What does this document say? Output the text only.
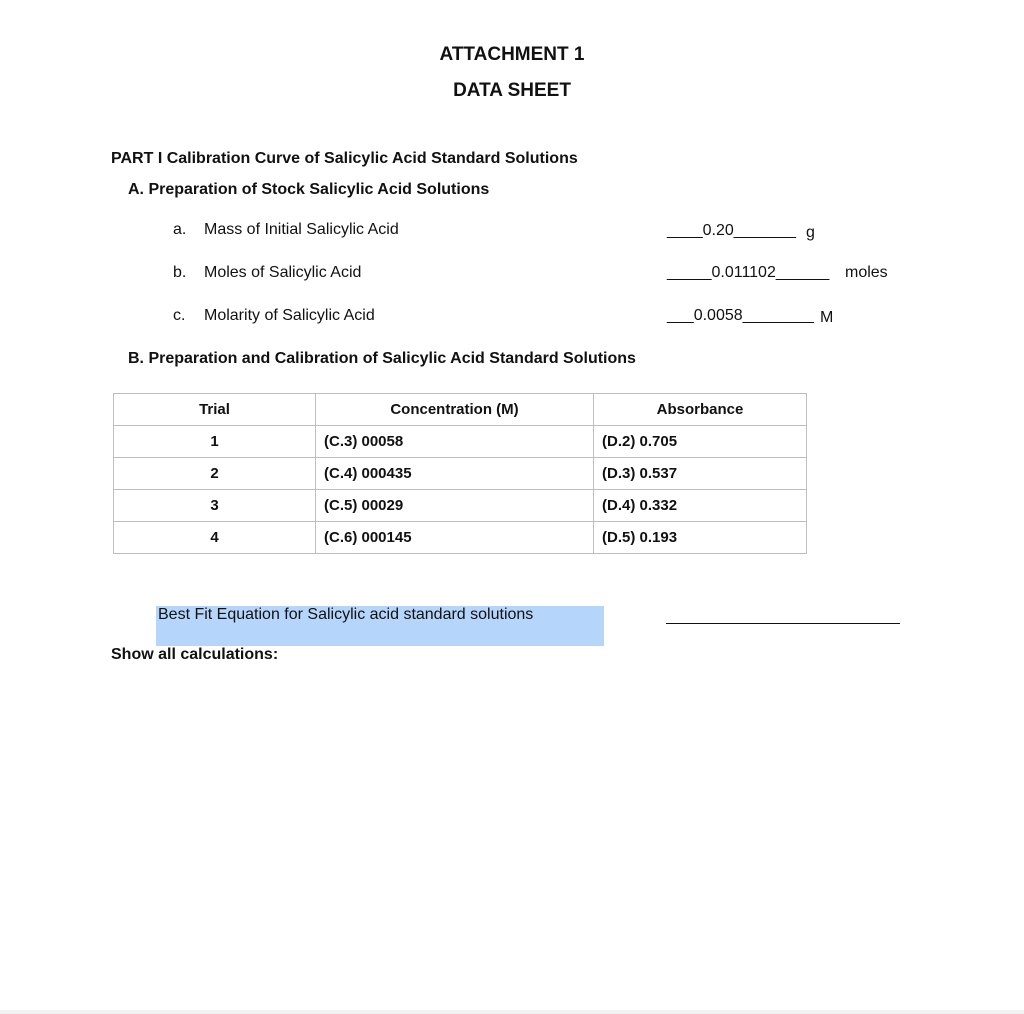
ATTACHMENT 1
DATA SHEET
PART I Calibration Curve of Salicylic Acid Standard Solutions
A. Preparation of Stock Salicylic Acid Solutions
a. Mass of Initial Salicylic Acid	____0.20_______ g
b. Moles of Salicylic Acid	_____0.011102______ moles
c. Molarity of Salicylic Acid	___0.0058________ M
B. Preparation and Calibration of Salicylic Acid Standard Solutions
Trial	Concentration (M)	Absorbance
1	(C.3) 00058	(D.2) 0.705
2	(C.4) 000435	(D.3) 0.537
3	(C.5) 00029	(D.4) 0.332
4	(C.6) 000145	(D.5) 0.193
Best Fit Equation for Salicylic acid standard solutions
Show all calculations:
